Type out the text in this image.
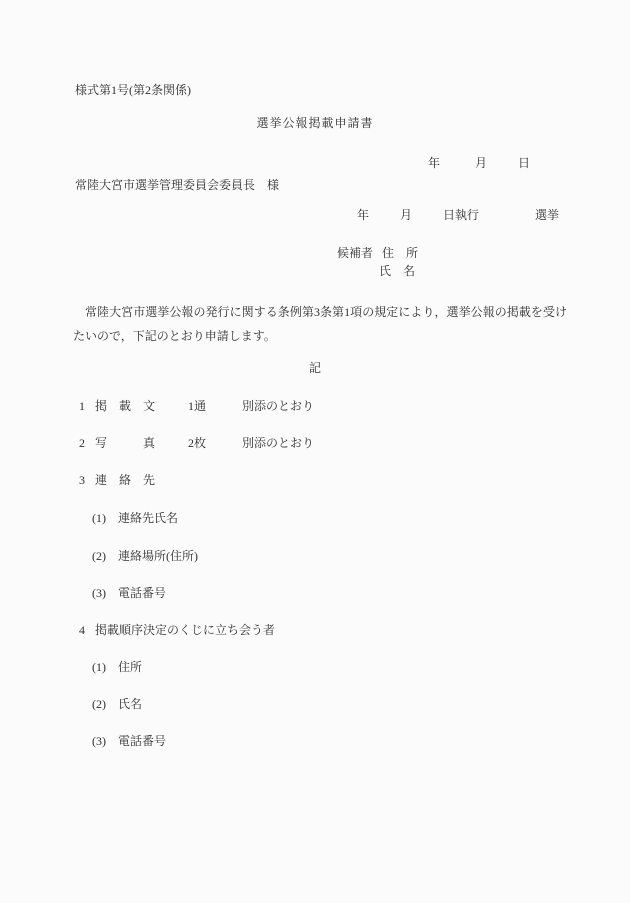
様式第1号(第2条関係)
選挙公報掲載申請書
年	月	日
常陸大宮市選挙管理委員会委員長　様
年	月	日執行	選挙
候補者 住　所
氏　名

常陸大宮市選挙公報の発行に関する条例第3条第1項の規定により，選挙公報の掲載を受けたいので，下記のとおり申請します。

記
1 掲　載　文	1通	別添のとおり
2 写　　　真	2枚	別添のとおり
3 連　絡　先
(1) 連絡先氏名
(2) 連絡場所(住所)
(3) 電話番号
4 掲載順序決定のくじに立ち会う者
(1) 住所
(2) 氏名
(3) 電話番号
